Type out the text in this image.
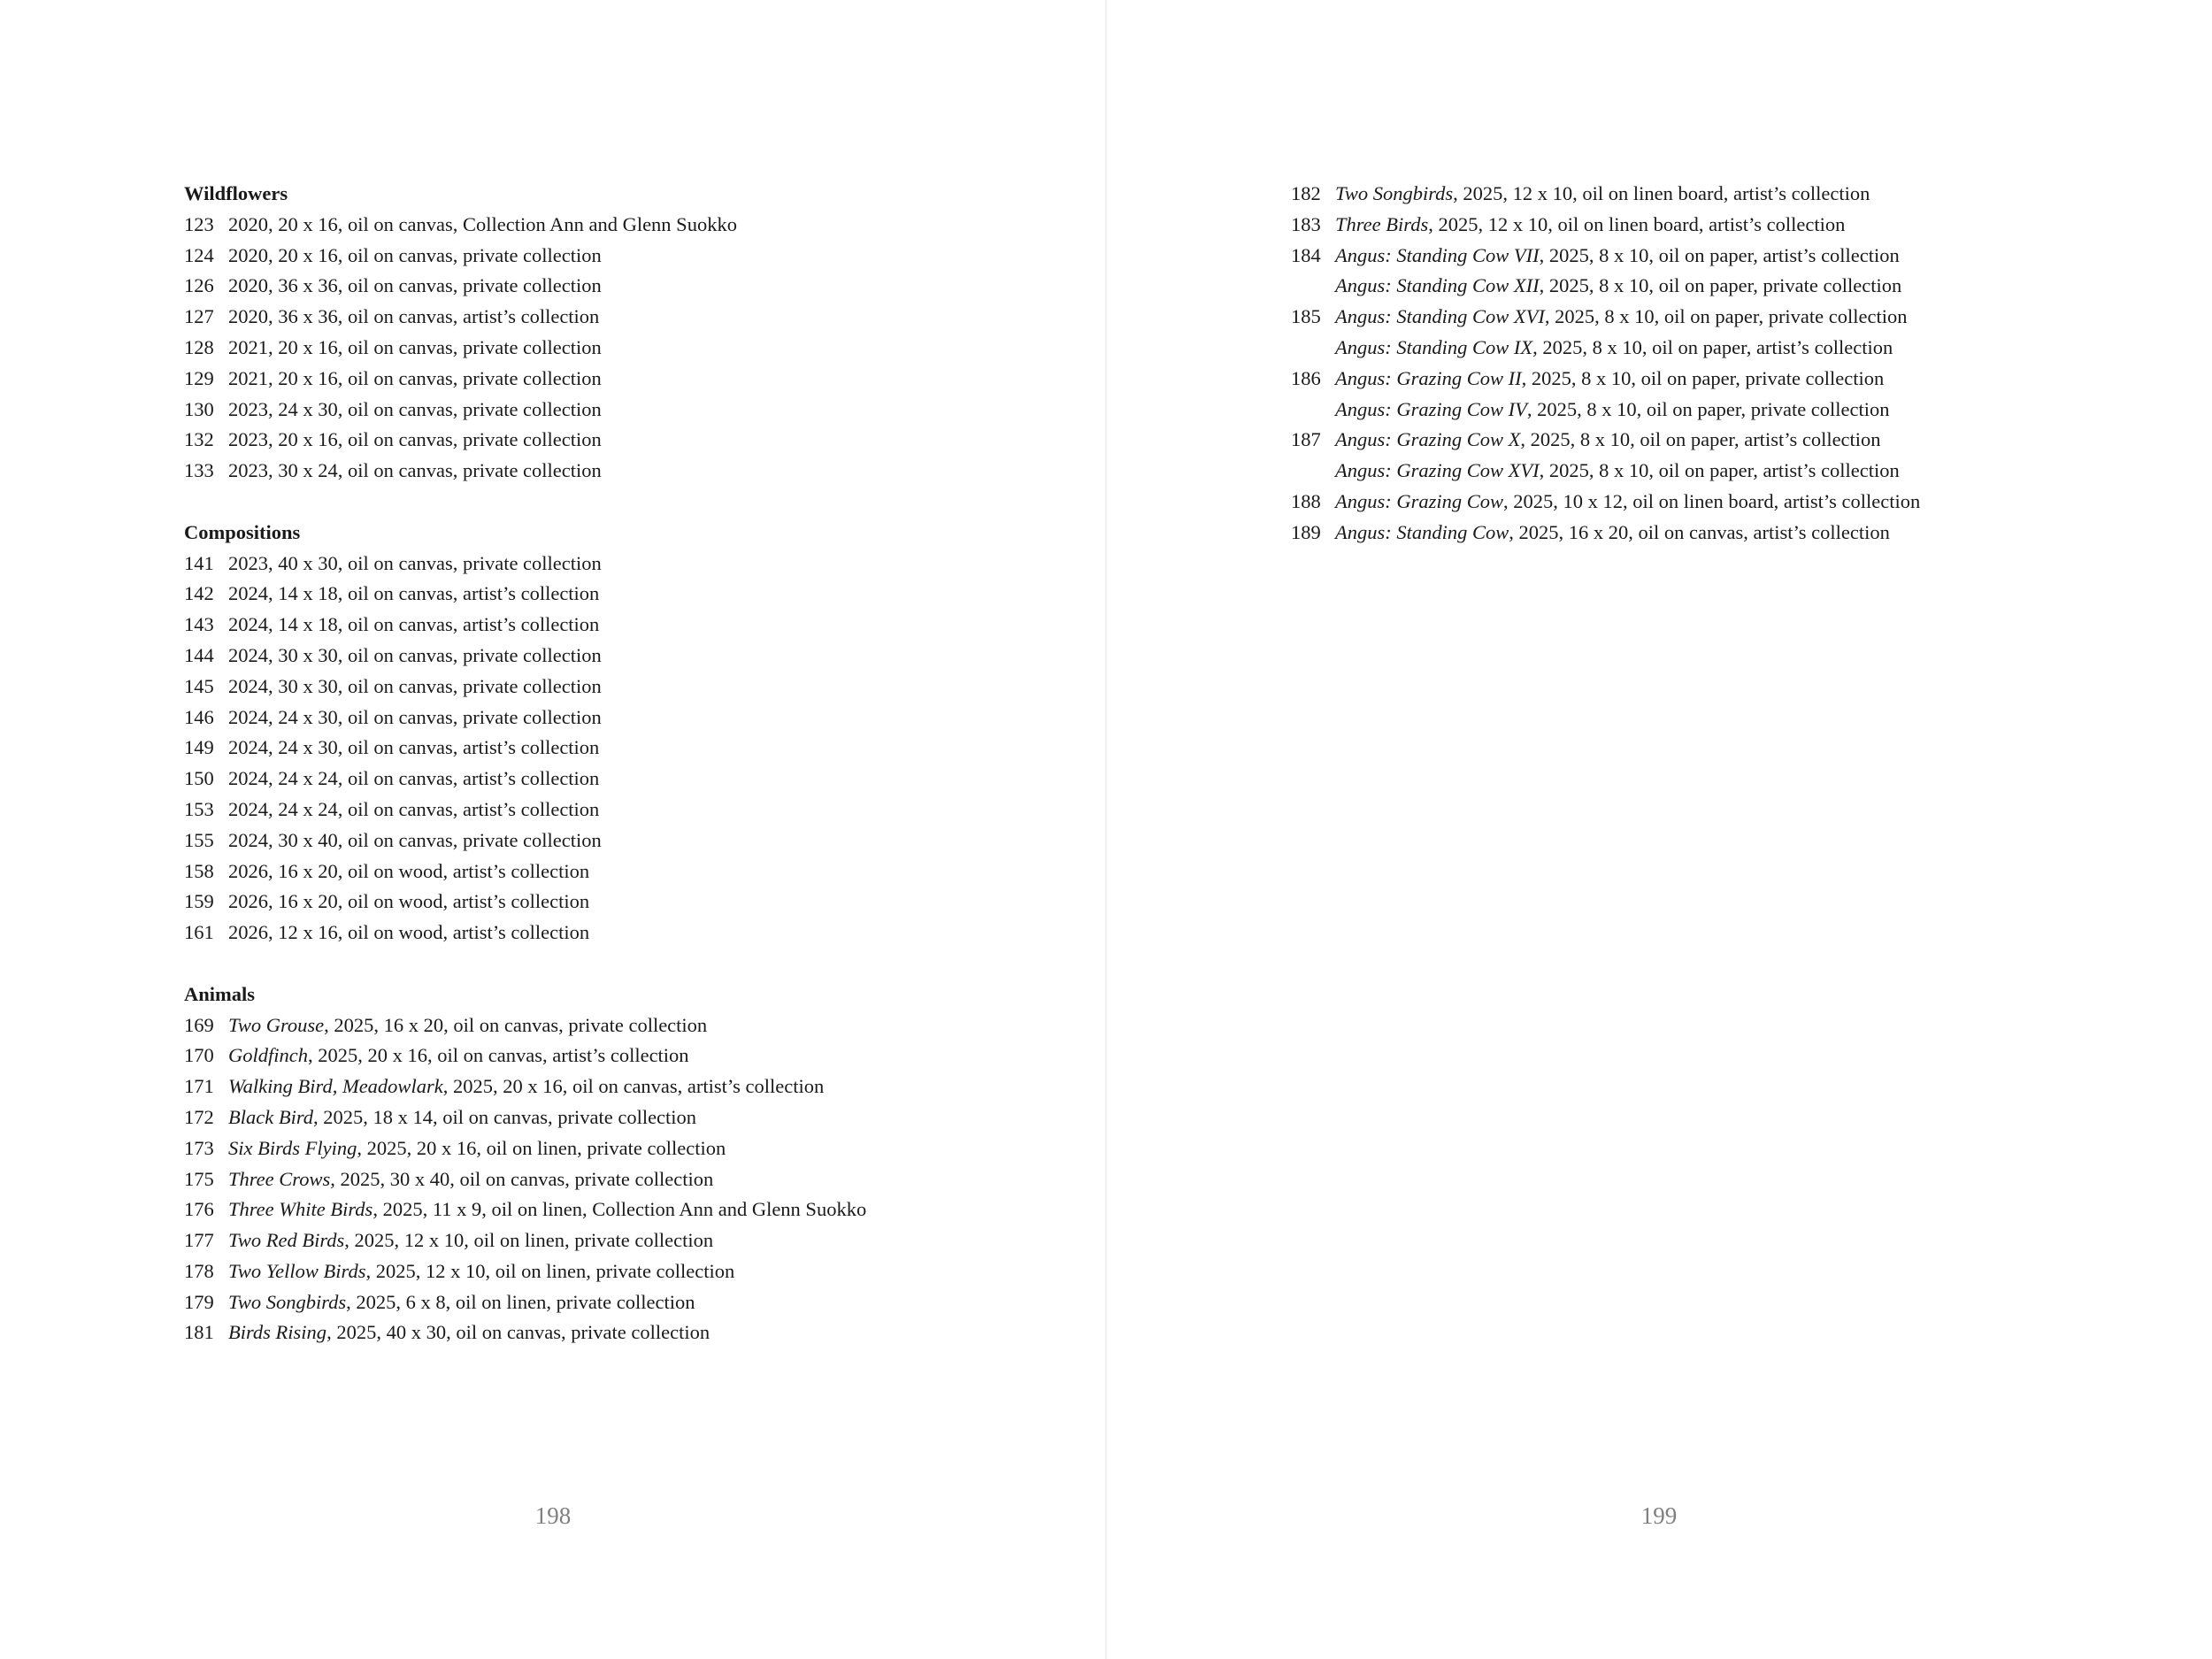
Wildflowers
123 2020, 20 x 16, oil on canvas, Collection Ann and Glenn Suokko
124 2020, 20 x 16, oil on canvas, private collection
126 2020, 36 x 36, oil on canvas, private collection
127 2020, 36 x 36, oil on canvas, artist’s collection
128 2021, 20 x 16, oil on canvas, private collection
129 2021, 20 x 16, oil on canvas, private collection
130 2023, 24 x 30, oil on canvas, private collection
132 2023, 20 x 16, oil on canvas, private collection
133 2023, 30 x 24, oil on canvas, private collection
Compositions
141 2023, 40 x 30, oil on canvas, private collection
142 2024, 14 x 18, oil on canvas, artist’s collection
143 2024, 14 x 18, oil on canvas, artist’s collection
144 2024, 30 x 30, oil on canvas, private collection
145 2024, 30 x 30, oil on canvas, private collection
146 2024, 24 x 30, oil on canvas, private collection
149 2024, 24 x 30, oil on canvas, artist’s collection
150 2024, 24 x 24, oil on canvas, artist’s collection
153 2024, 24 x 24, oil on canvas, artist’s collection
155 2024, 30 x 40, oil on canvas, private collection
158 2026, 16 x 20, oil on wood, artist’s collection
159 2026, 16 x 20, oil on wood, artist’s collection
161 2026, 12 x 16, oil on wood, artist’s collection
Animals
169 Two Grouse, 2025, 16 x 20, oil on canvas, private collection
170 Goldfinch, 2025, 20 x 16, oil on canvas, artist’s collection
171 Walking Bird, Meadowlark, 2025, 20 x 16, oil on canvas, artist’s collection
172 Black Bird, 2025, 18 x 14, oil on canvas, private collection
173 Six Birds Flying, 2025, 20 x 16, oil on linen, private collection
175 Three Crows, 2025, 30 x 40, oil on canvas, private collection
176 Three White Birds, 2025, 11 x 9, oil on linen, Collection Ann and Glenn Suokko
177 Two Red Birds, 2025, 12 x 10, oil on linen, private collection
178 Two Yellow Birds, 2025, 12 x 10, oil on linen, private collection
179 Two Songbirds, 2025, 6 x 8, oil on linen, private collection
181 Birds Rising, 2025, 40 x 30, oil on canvas, private collection
198
182 Two Songbirds, 2025, 12 x 10, oil on linen board, artist’s collection
183 Three Birds, 2025, 12 x 10, oil on linen board, artist’s collection
184 Angus: Standing Cow VII, 2025, 8 x 10, oil on paper, artist’s collection
Angus: Standing Cow XII, 2025, 8 x 10, oil on paper, private collection
185 Angus: Standing Cow XVI, 2025, 8 x 10, oil on paper, private collection
Angus: Standing Cow IX, 2025, 8 x 10, oil on paper, artist’s collection
186 Angus: Grazing Cow II, 2025, 8 x 10, oil on paper, private collection
Angus: Grazing Cow IV, 2025, 8 x 10, oil on paper, private collection
187 Angus: Grazing Cow X, 2025, 8 x 10, oil on paper, artist’s collection
Angus: Grazing Cow XVI, 2025, 8 x 10, oil on paper, artist’s collection
188 Angus: Grazing Cow, 2025, 10 x 12, oil on linen board, artist’s collection
189 Angus: Standing Cow, 2025, 16 x 20, oil on canvas, artist’s collection
199
